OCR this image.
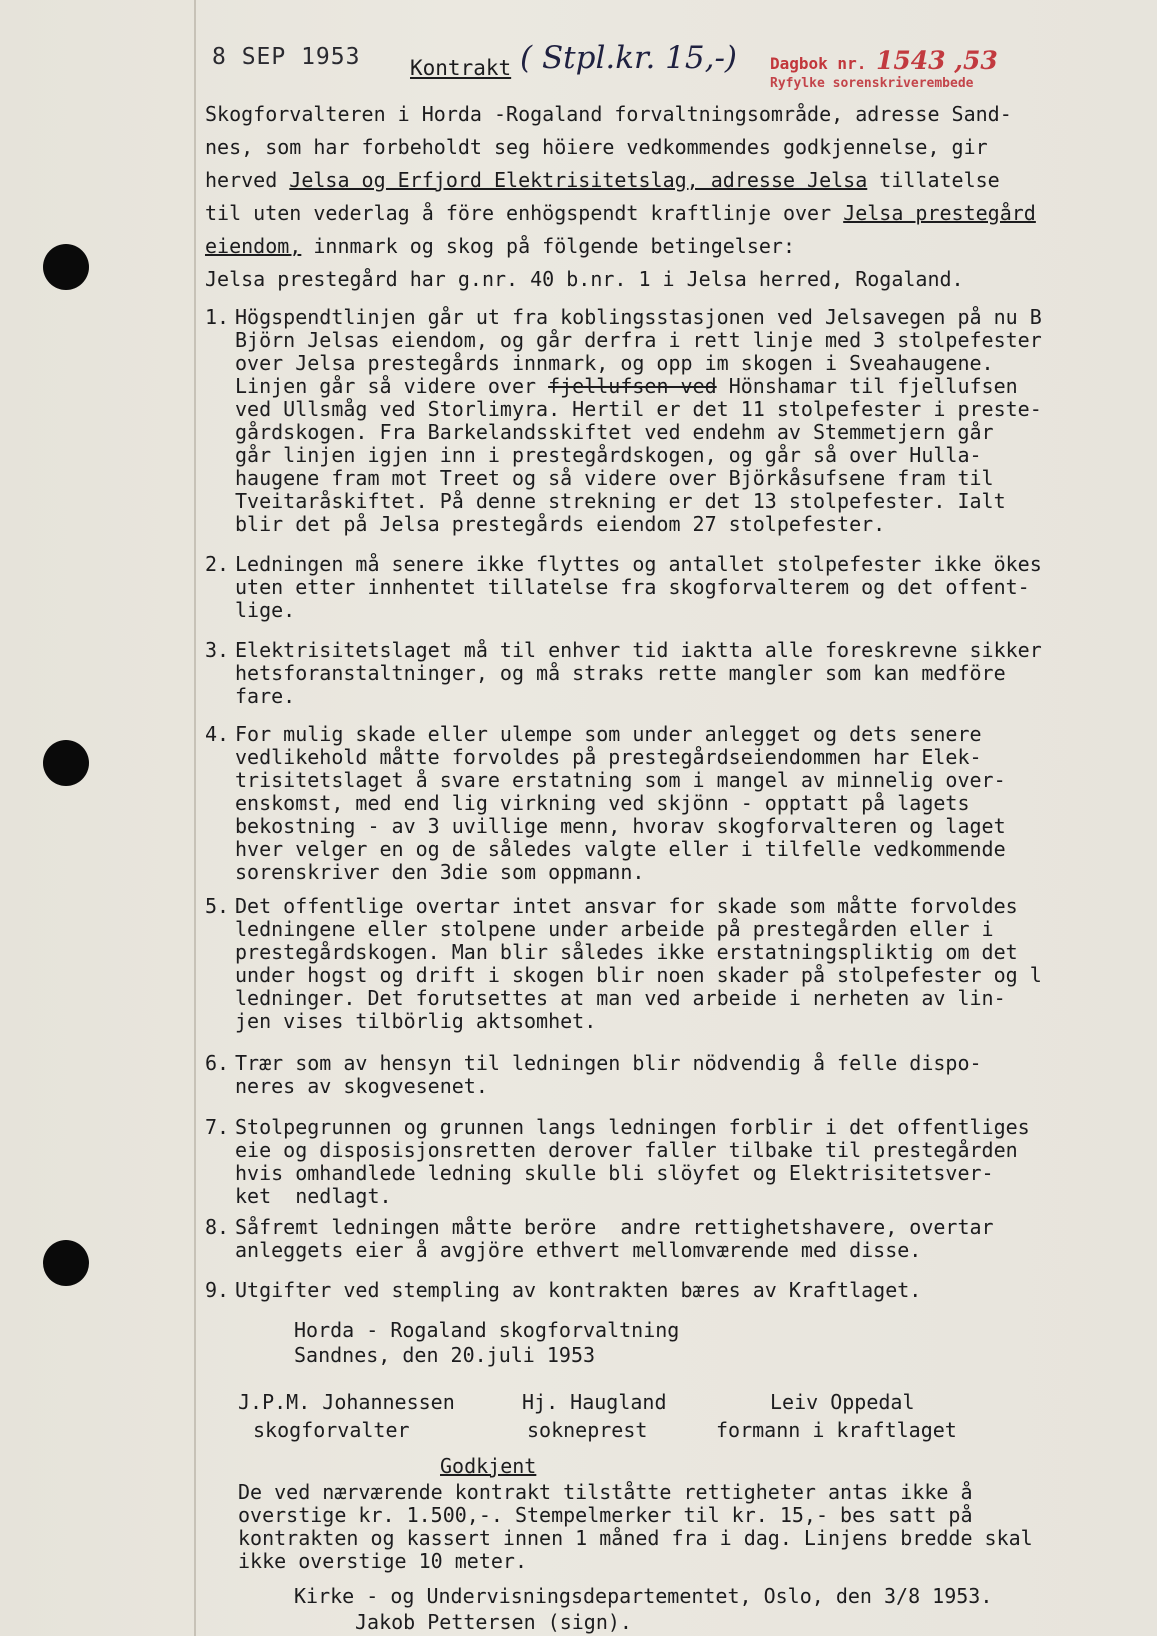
8 SEP 1953 Kontrakt ( Stpl.kr. 15,-) Dagbok nr. 1543 ,53
Ryfylke sorenskriverembede
Skogforvalteren i Horda -Rogaland forvaltningsområde, adresse Sand-
nes, som har forbeholdt seg höiere vedkommendes godkjennelse, gir
herved Jelsa og Erfjord Elektrisitetslag, adresse Jelsa tillatelse
til uten vederlag å före enhögspendt kraftlinje over Jelsa prestegård
eiendom, innmark og skog på fölgende betingelser:
Jelsa prestegård har g.nr. 40 b.nr. 1 i Jelsa herred, Rogaland.
1. Högspendtlinjen går ut fra koblingsstasjonen ved Jelsavegen på nu B
Björn Jelsas eiendom, og går derfra i rett linje med 3 stolpefester
over Jelsa prestegårds innmark, og opp im skogen i Sveahaugene.
Linjen går så videre over fjellufsen ved Hönshamar til fjellufsen
ved Ullsmåg ved Storlimyra. Hertil er det 11 stolpefester i preste-
gårdskogen. Fra Barkelandsskiftet ved endehm av Stemmetjern går
går linjen igjen inn i prestegårdskogen, og går så over Hulla-
haugene fram mot Treet og så videre over Björkåsufsene fram til
Tveitaråskiftet. På denne strekning er det 13 stolpefester. Ialt
blir det på Jelsa prestegårds eiendom 27 stolpefester.
2. Ledningen må senere ikke flyttes og antallet stolpefester ikke ökes
uten etter innhentet tillatelse fra skogforvalterem og det offent-
lige.
3. Elektrisitetslaget må til enhver tid iaktta alle foreskrevne sikker
hetsforanstaltninger, og må straks rette mangler som kan medföre
fare.
4. For mulig skade eller ulempe som under anlegget og dets senere
vedlikehold måtte forvoldes på prestegårdseiendommen har Elek-
trisitetslaget å svare erstatning som i mangel av minnelig over-
enskomst, med end lig virkning ved skjönn - opptatt på lagets
bekostning - av 3 uvillige menn, hvorav skogforvalteren og laget
hver velger en og de således valgte eller i tilfelle vedkommende
sorenskriver den 3die som oppmann.
5. Det offentlige overtar intet ansvar for skade som måtte forvoldes
ledningene eller stolpene under arbeide på prestegården eller i
prestegårdskogen. Man blir således ikke erstatningspliktig om det
under hogst og drift i skogen blir noen skader på stolpefester og l
ledninger. Det forutsettes at man ved arbeide i nerheten av lin-
jen vises tilbörlig aktsomhet.
6. Trær som av hensyn til ledningen blir nödvendig å felle dispo-
neres av skogvesenet.
7. Stolpegrunnen og grunnen langs ledningen forblir i det offentliges
eie og disposisjonsretten derover faller tilbake til prestegården
hvis omhandlede ledning skulle bli slöyfet og Elektrisitetsver-
ket  nedlagt.
8. Såfremt ledningen måtte beröre  andre rettighetshavere, overtar
anleggets eier å avgjöre ethvert mellomværende med disse.
9. Utgifter ved stempling av kontrakten bæres av Kraftlaget.
Horda - Rogaland skogforvaltning
Sandnes, den 20.juli 1953
J.P.M. Johannessen
skogforvalter
Hj. Haugland
sokneprest
Leiv Oppedal
formann i kraftlaget
Godkjent
De ved nærværende kontrakt tilståtte rettigheter antas ikke å
overstige kr. 1.500,-. Stempelmerker til kr. 15,- bes satt på
kontrakten og kassert innen 1 måned fra i dag. Linjens bredde skal
ikke overstige 10 meter.
Kirke - og Undervisningsdepartementet, Oslo, den 3/8 1953.
Jakob Pettersen (sign).
